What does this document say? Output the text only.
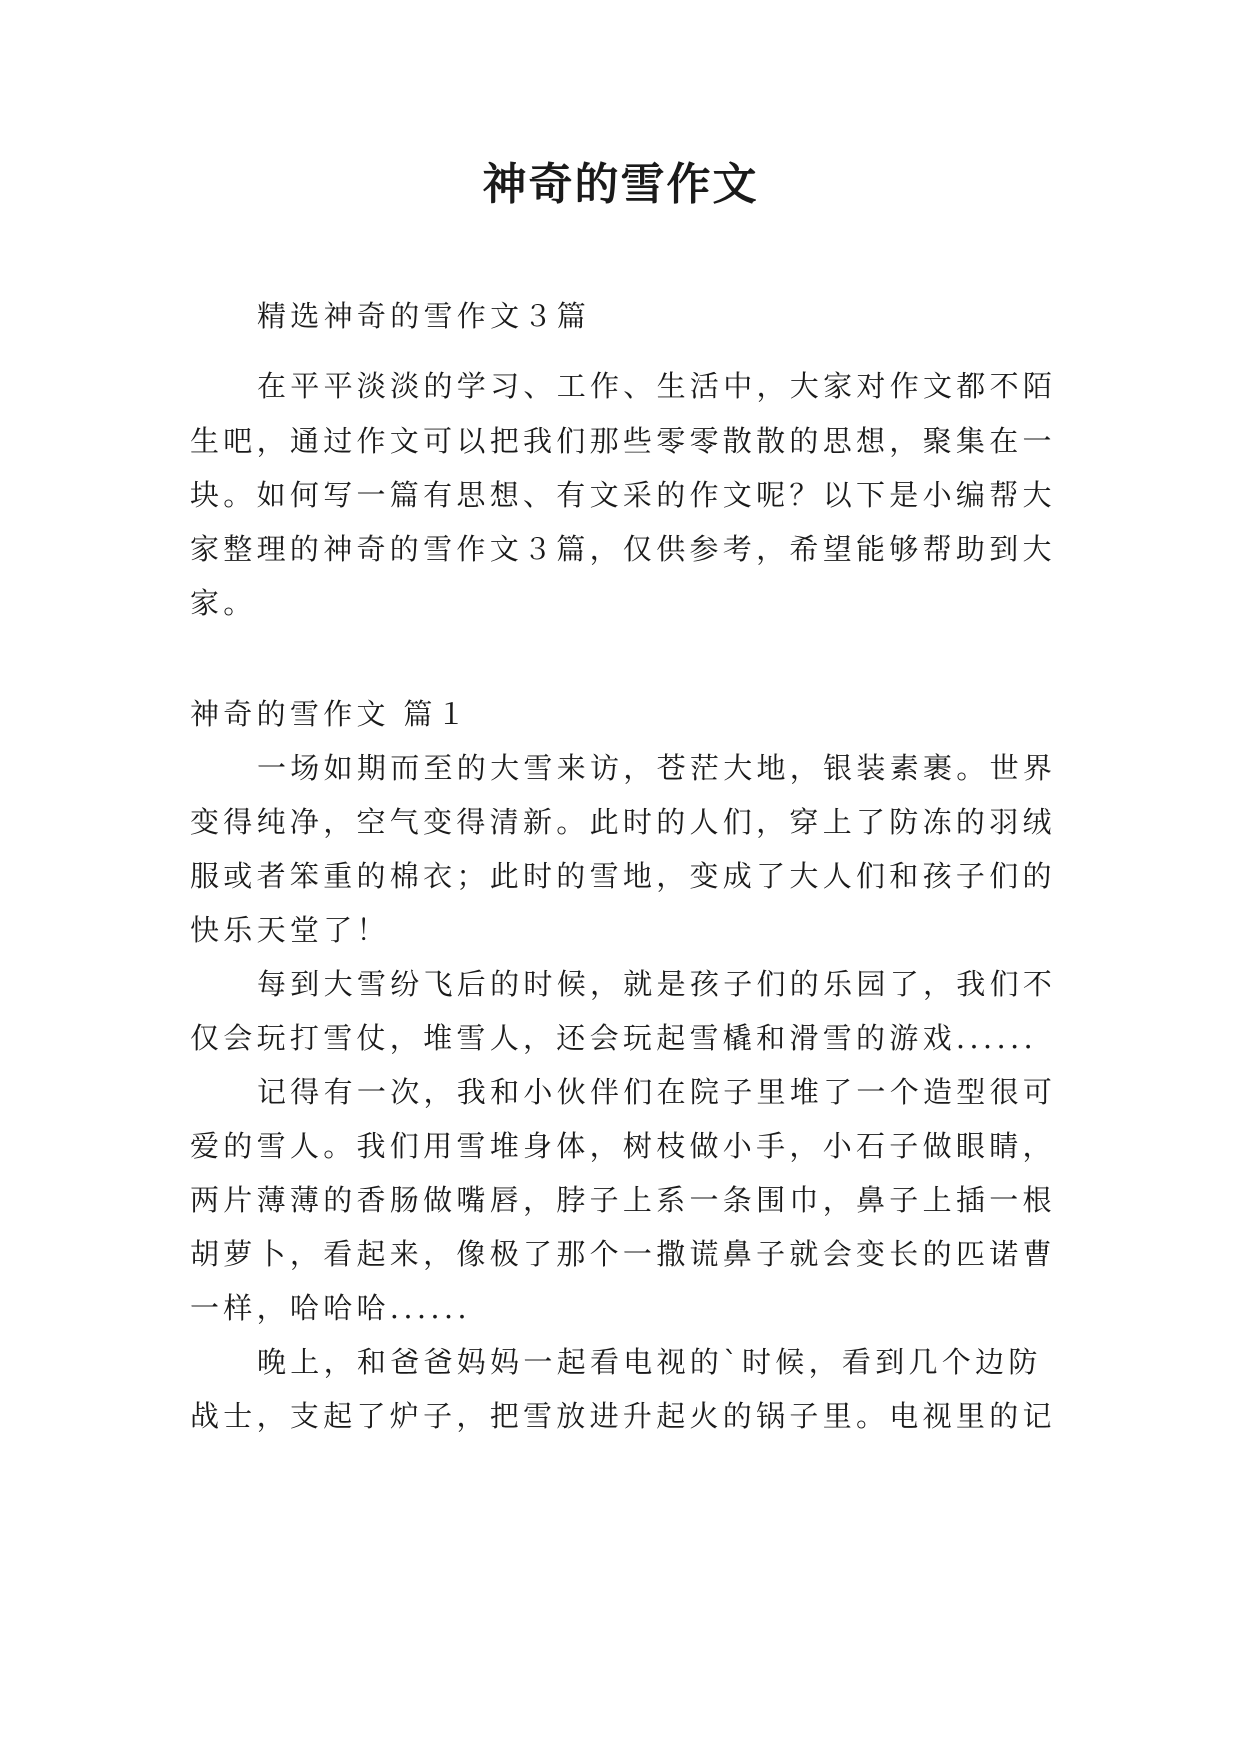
神奇的雪作文
精选神奇的雪作文３篇
在平平淡淡的学习、工作、生活中，大家对作文都不陌
生吧，通过作文可以把我们那些零零散散的思想，聚集在一
块。如何写一篇有思想、有文采的作文呢？以下是小编帮大
家整理的神奇的雪作文３篇，仅供参考，希望能够帮助到大
家。
神奇的雪作文 篇１
一场如期而至的大雪来访，苍茫大地，银装素裹。世界
变得纯净，空气变得清新。此时的人们，穿上了防冻的羽绒
服或者笨重的棉衣；此时的雪地，变成了大人们和孩子们的
快乐天堂了！
每到大雪纷飞后的时候，就是孩子们的乐园了，我们不
仅会玩打雪仗，堆雪人，还会玩起雪橇和滑雪的游戏......
记得有一次，我和小伙伴们在院子里堆了一个造型很可
爱的雪人。我们用雪堆身体，树枝做小手，小石子做眼睛，
两片薄薄的香肠做嘴唇，脖子上系一条围巾，鼻子上插一根
胡萝卜，看起来，像极了那个一撒谎鼻子就会变长的匹诺曹
一样，哈哈哈......
晚上，和爸爸妈妈一起看电视的`时候，看到几个边防
战士，支起了炉子，把雪放进升起火的锅子里。电视里的记
